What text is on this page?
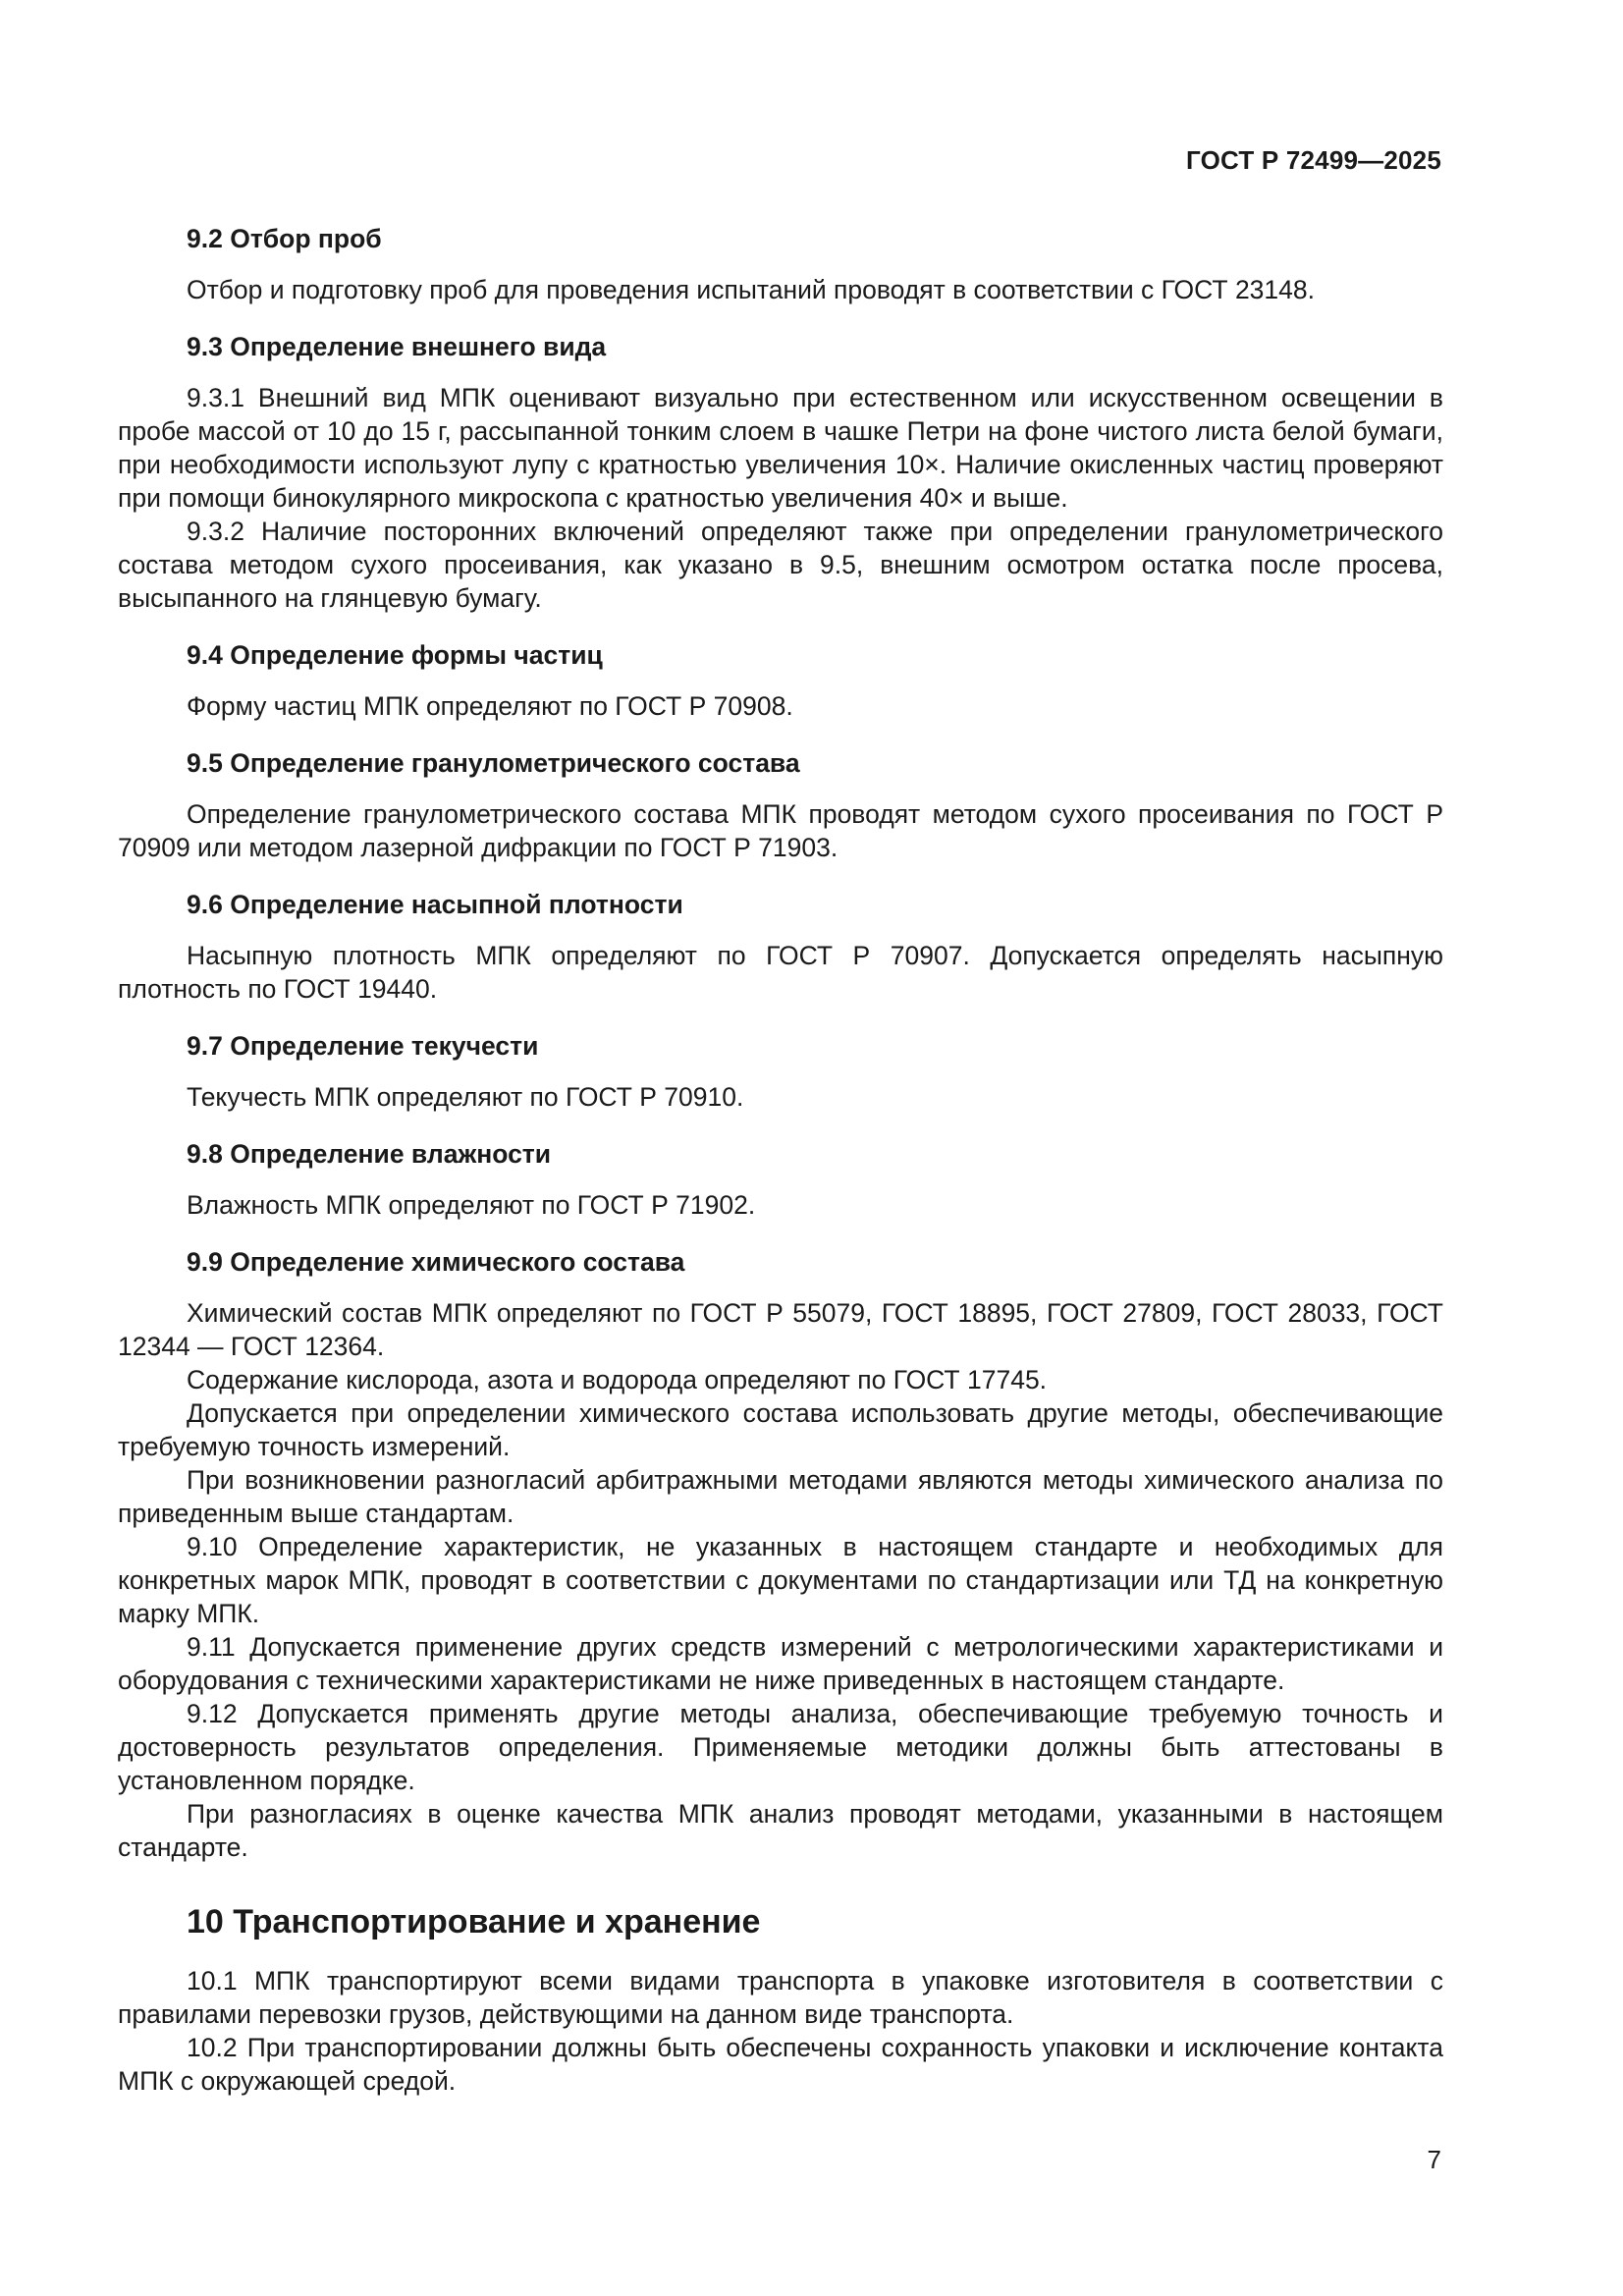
ГОСТ Р 72499—2025
9.2 Отбор проб

Отбор и подготовку проб для проведения испытаний проводят в соответствии с ГОСТ 23148.

9.3 Определение внешнего вида

9.3.1 Внешний вид МПК оценивают визуально при естественном или искусственном освещении в пробе массой от 10 до 15 г, рассыпанной тонким слоем в чашке Петри на фоне чистого листа белой бумаги, при необходимости используют лупу с кратностью увеличения 10×. Наличие окисленных частиц проверяют при помощи бинокулярного микроскопа с кратностью увеличения 40× и выше.

9.3.2 Наличие посторонних включений определяют также при определении гранулометрического состава методом сухого просеивания, как указано в 9.5, внешним осмотром остатка после просева, высыпанного на глянцевую бумагу.

9.4 Определение формы частиц

Форму частиц МПК определяют по ГОСТ Р 70908.

9.5 Определение гранулометрического состава

Определение гранулометрического состава МПК проводят методом сухого просеивания по ГОСТ Р 70909 или методом лазерной дифракции по ГОСТ Р 71903.

9.6 Определение насыпной плотности

Насыпную плотность МПК определяют по ГОСТ Р 70907. Допускается определять насыпную плотность по ГОСТ 19440.

9.7 Определение текучести

Текучесть МПК определяют по ГОСТ Р 70910.

9.8 Определение влажности

Влажность МПК определяют по ГОСТ Р 71902.

9.9 Определение химического состава

Химический состав МПК определяют по ГОСТ Р 55079, ГОСТ 18895, ГОСТ 27809, ГОСТ 28033, ГОСТ 12344 — ГОСТ 12364.

Содержание кислорода, азота и водорода определяют по ГОСТ 17745.

Допускается при определении химического состава использовать другие методы, обеспечивающие требуемую точность измерений.

При возникновении разногласий арбитражными методами являются методы химического анализа по приведенным выше стандартам.

9.10 Определение характеристик, не указанных в настоящем стандарте и необходимых для конкретных марок МПК, проводят в соответствии с документами по стандартизации или ТД на конкретную марку МПК.

9.11 Допускается применение других средств измерений с метрологическими характеристиками и оборудования с техническими характеристиками не ниже приведенных в настоящем стандарте.

9.12 Допускается применять другие методы анализа, обеспечивающие требуемую точность и достоверность результатов определения. Применяемые методики должны быть аттестованы в установленном порядке.

При разногласиях в оценке качества МПК анализ проводят методами, указанными в настоящем стандарте.

10 Транспортирование и хранение

10.1 МПК транспортируют всеми видами транспорта в упаковке изготовителя в соответствии с правилами перевозки грузов, действующими на данном виде транспорта.

10.2 При транспортировании должны быть обеспечены сохранность упаковки и исключение контакта МПК с окружающей средой.

7
